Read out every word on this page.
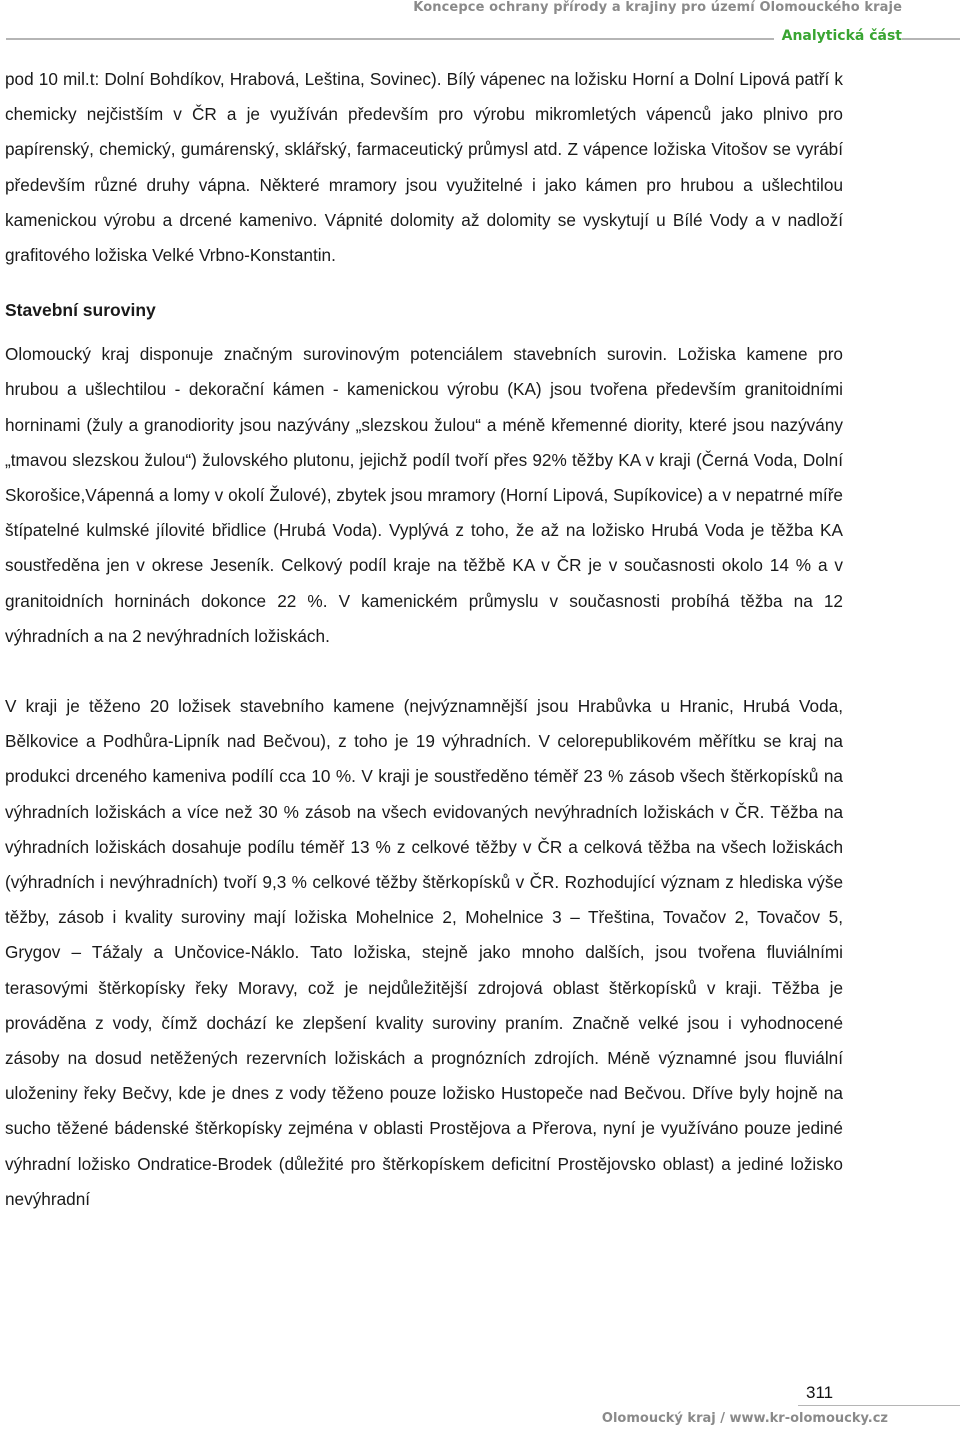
Koncepce ochrany přírody a krajiny pro území Olomouckého kraje
Analytická část

pod 10 mil.t: Dolní Bohdíkov, Hrabová, Leština, Sovinec). Bílý vápenec na ložisku Horní a Dolní Lipová patří k chemicky nejčistším v ČR a je využíván především pro výrobu mikromletých vápenců jako plnivo pro papírenský, chemický, gumárenský, sklářský, farmaceutický průmysl atd. Z vápence ložiska Vitošov se vyrábí především různé druhy vápna. Některé mramory jsou využitelné i jako kámen pro hrubou a ušlechtilou kamenickou výrobu a drcené kamenivo. Vápnité dolomity až dolomity se vyskytují u Bílé Vody a v nadloží grafitového ložiska Velké Vrbno-Konstantin.

Stavební suroviny

Olomoucký kraj disponuje značným surovinovým potenciálem stavebních surovin. Ložiska kamene pro hrubou a ušlechtilou - dekorační kámen - kamenickou výrobu (KA) jsou tvořena především granitoidními horninami (žuly a granodiority jsou nazývány „slezskou žulou“ a méně křemenné diority, které jsou nazývány „tmavou slezskou žulou“) žulovského plutonu, jejichž podíl tvoří přes 92% těžby KA v kraji (Černá Voda, Dolní Skorošice,Vápenná a lomy v okolí Žulové), zbytek jsou mramory (Horní Lipová, Supíkovice) a v nepatrné míře štípatelné kulmské jílovité břidlice (Hrubá Voda). Vyplývá z toho, že až na ložisko Hrubá Voda je těžba KA soustředěna jen v okrese Jeseník. Celkový podíl kraje na těžbě KA v ČR je v současnosti okolo 14 % a v granitoidních horninách dokonce 22 %. V kamenickém průmyslu v současnosti probíhá těžba na 12 výhradních a na 2 nevýhradních ložiskách.

V kraji je těženo 20 ložisek stavebního kamene (nejvýznamnější jsou Hrabůvka u Hranic, Hrubá Voda, Bělkovice a Podhůra-Lipník nad Bečvou), z toho je 19 výhradních. V celorepublikovém měřítku se kraj na produkci drceného kameniva podílí cca 10 %. V kraji je soustředěno téměř 23 % zásob všech štěrkopísků na výhradních ložiskách a více než 30 % zásob na všech evidovaných nevýhradních ložiskách v ČR. Těžba na výhradních ložiskách dosahuje podílu téměř 13 % z celkové těžby v ČR a celková těžba na všech ložiskách (výhradních i nevýhradních) tvoří 9,3 % celkové těžby štěrkopísků v ČR. Rozhodující význam z hlediska výše těžby, zásob i kvality suroviny mají ložiska Mohelnice 2, Mohelnice 3 – Třeština, Tovačov 2, Tovačov 5, Grygov – Tážaly a Unčovice-Náklo. Tato ložiska, stejně jako mnoho dalších, jsou tvořena fluviálními terasovými štěrkopísky řeky Moravy, což je nejdůležitější zdrojová oblast štěrkopísků v kraji. Těžba je prováděna z vody, čímž dochází ke zlepšení kvality suroviny praním. Značně velké jsou i vyhodnocené zásoby na dosud netěžených rezervních ložiskách a prognózních zdrojích. Méně významné jsou fluviální uloženiny řeky Bečvy, kde je dnes z vody těženo pouze ložisko Hustopeče nad Bečvou. Dříve byly hojně na sucho těžené bádenské štěrkopísky zejména v oblasti Prostějova a Přerova, nyní je využíváno pouze jediné výhradní ložisko Ondratice-Brodek (důležité pro štěrkopískem deficitní Prostějovsko oblast) a jediné ložisko nevýhradní

311
Olomoucký kraj / www.kr-olomoucky.cz
